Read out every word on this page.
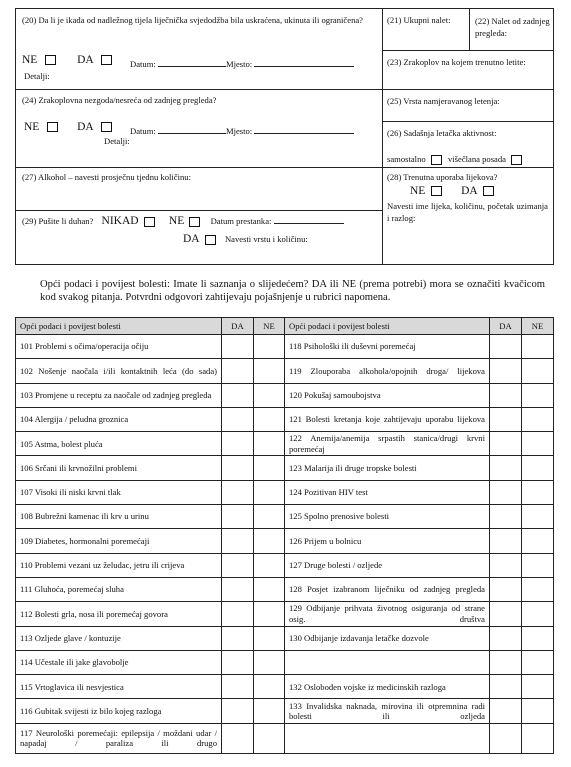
(20) Da li je ikada od nadležnog tijela liječnička svjedodžba bila uskraćena, ukinuta ili ograničena?
NE	DA	Datum:	Mjesto:
Detalji:
(21) Ukupni nalet:	(22) Nalet od zadnjeg pregleda:
(23) Zrakoplov na kojem trenutno letite:
(24) Zrakoplovna nezgoda/nesreća od zadnjeg pregleda?
NE	DA	Datum:	Mjesto:
Detalji:
(25) Vrsta namjeravanog letenja:
(26) Sadašnja letačka aktivnost:
samostalno	višečlana posada
(27) Alkohol – navesti prosječnu tjednu količinu:	(28) Trenutna uporaba lijekova?
NE	DA
Navesti ime lijeka, količinu, početak uzimanja i razlog:
(29) Pušite li duhan? NIKAD	NE	Datum prestanka:
DA	Navesti vrstu i količinu:
Opći podaci i povijest bolesti: Imate li saznanja o slijedećem? DA ili NE (prema potrebi) mora se označiti kvačicom kod svakog pitanja. Potvrdni odgovori zahtijevaju pojašnjenje u rubrici napomena.
Opći podaci i povijest bolesti	DA	NE	Opći podaci i povijest bolesti	DA	NE
101 Problemi s očima/operacija očiju			118 Psihološki ili duševni poremećaj		
102 Nošenje naočala i/ili kontaktnih leća (do sada)			119 Zlouporaba alkohola/opojnih droga/ lijekova		
103 Promjene u receptu za naočale od zadnjeg pregleda			120 Pokušaj samoubojstva		
104 Alergija / peludna groznica			121 Bolesti kretanja koje zahtijevaju uporabu lijekova		
105 Astma, bolest pluća			122 Anemija/anemija srpastih stanica/drugi krvni poremećaj		
106 Srčani ili krvnožilni problemi			123 Malarija ili druge tropske bolesti		
107 Visoki ili niski krvni tlak			124 Pozitivan HIV test		
108 Bubrežni kamenac ili krv u urinu			125 Spolno prenosive bolesti		
109 Diabetes, hormonalni poremećaji			126 Prijem u bolnicu		
110 Problemi vezani uz želudac, jetru ili crijeva			127 Druge bolesti / ozljede		
111 Gluhoća, poremećaj sluha			128 Posjet izabranom liječniku od zadnjeg pregleda		
112 Bolesti grla, nosa ili poremećaj govora			129 Odbijanje prihvata životnog osiguranja od strane osig. društva		
113 Ozljede glave / kontuzije			130 Odbijanje izdavanja letačke dozvole		
114 Učestale ili jake glavobolje					
115 Vrtoglavica ili nesvjestica			132 Oslobođen vojske iz medicinskih razloga		
116 Gubitak svijesti iz bilo kojeg razloga			133 Invalidska naknada, mirovina ili otpremnina radi bolesti ili ozljeda		
117 Neurološki poremećaji: epilepsija / moždani udar / napadaj / paraliza ili drugo					
